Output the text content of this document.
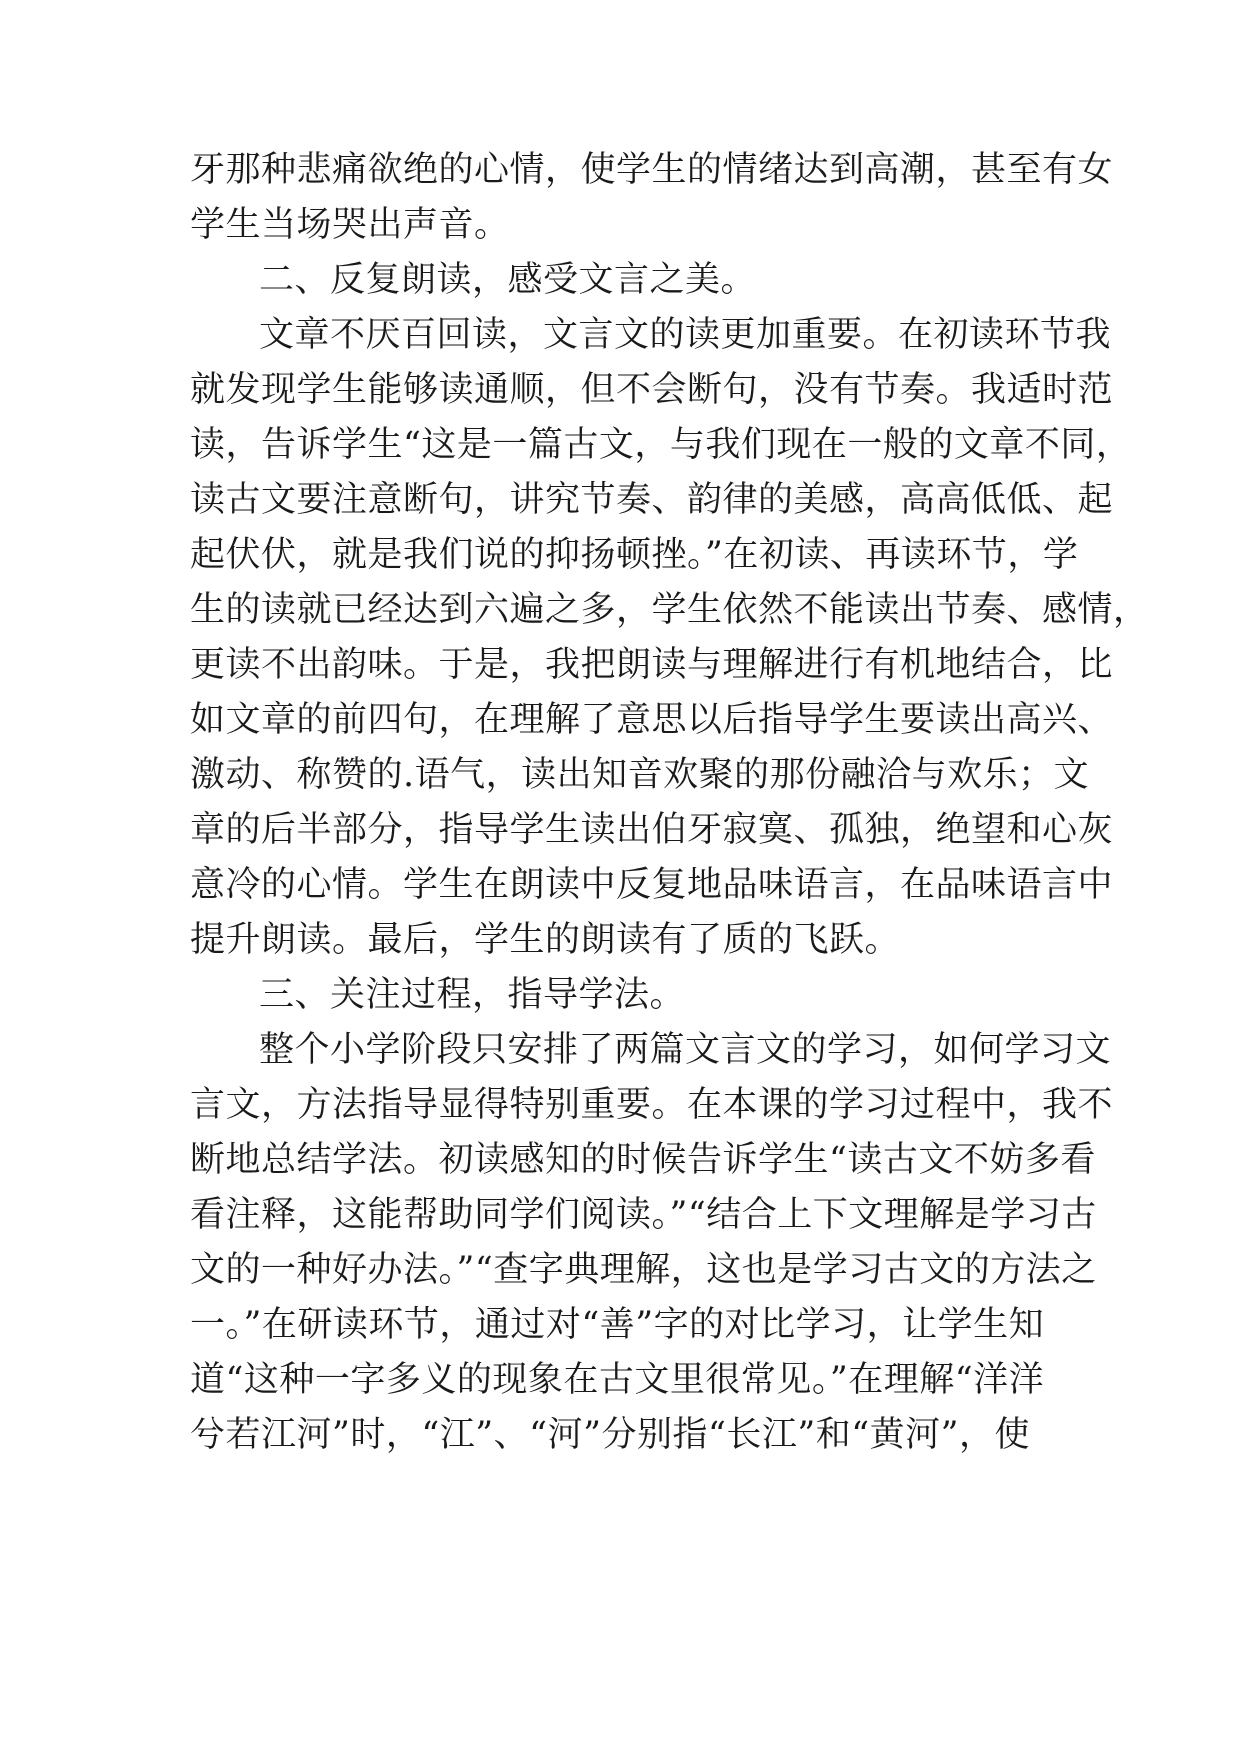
牙那种悲痛欲绝的心情，使学生的情绪达到高潮，甚至有女
学生当场哭出声音。
二、反复朗读，感受文言之美。
文章不厌百回读，文言文的读更加重要。在初读环节我
就发现学生能够读通顺，但不会断句，没有节奏。我适时范
读，告诉学生“这是一篇古文，与我们现在一般的文章不同，
读古文要注意断句，讲究节奏、韵律的美感，高高低低、起
起伏伏，就是我们说的抑扬顿挫。”在初读、再读环节，学
生的读就已经达到六遍之多，学生依然不能读出节奏、感情，
更读不出韵味。于是，我把朗读与理解进行有机地结合，比
如文章的前四句，在理解了意思以后指导学生要读出高兴、
激动、称赞的.语气，读出知音欢聚的那份融洽与欢乐；文
章的后半部分，指导学生读出伯牙寂寞、孤独，绝望和心灰
意冷的心情。学生在朗读中反复地品味语言，在品味语言中
提升朗读。最后，学生的朗读有了质的飞跃。
三、关注过程，指导学法。
整个小学阶段只安排了两篇文言文的学习，如何学习文
言文，方法指导显得特别重要。在本课的学习过程中，我不
断地总结学法。初读感知的时候告诉学生“读古文不妨多看
看注释，这能帮助同学们阅读。”“结合上下文理解是学习古
文的一种好办法。”“查字典理解，这也是学习古文的方法之
一。”在研读环节，通过对“善”字的对比学习，让学生知
道“这种一字多义的现象在古文里很常见。”在理解“洋洋
兮若江河”时，“江”、“河”分别指“长江”和“黄河”，使
